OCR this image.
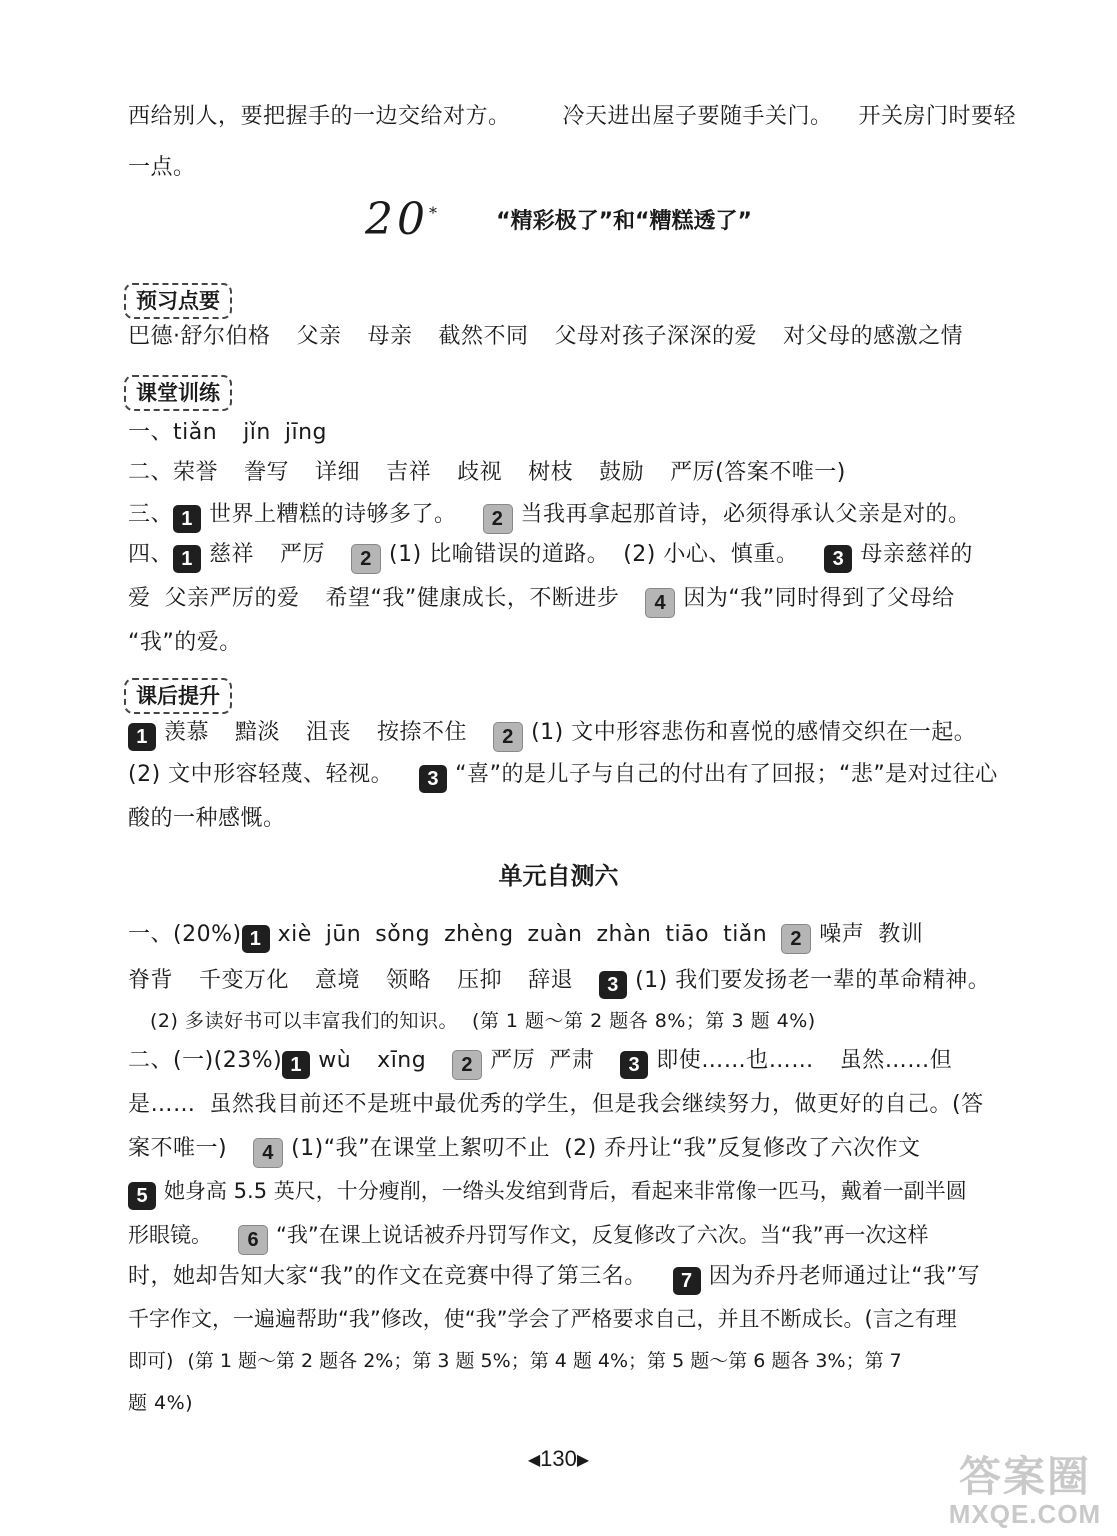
西给别人，要把握手的一边交给对方。 冷天进出屋子要随手关门。 开关房门时要轻
一点。
20*	“精彩极了”和“糟糕透了”
预习点要
巴德·舒尔伯格 父亲 母亲 截然不同 父母对孩子深深的爱 对父母的感激之情
课堂训练
一、tiǎn jǐn jīng
二、荣誉 誊写 详细 吉祥 歧视 树枝 鼓励 严厉(答案不唯一)
三、 1 世界上糟糕的诗够多了。 2 当我再拿起那首诗，必须得承认父亲是对的。
四、 1 慈祥 严厉 2 (1) 比喻错误的道路。 (2) 小心、慎重。 3 母亲慈祥的
爱 父亲严厉的爱 希望“我”健康成长，不断进步 4 因为“我”同时得到了父母给
“我”的爱。
课后提升
1 羡慕 黯淡 沮丧 按捺不住 2 (1) 文中形容悲伤和喜悦的感情交织在一起。
(2) 文中形容轻蔑、轻视。 3 “喜”的是儿子与自己的付出有了回报；“悲”是对过往心
酸的一种感慨。
单元自测六
一、(20%) 1 xiè jūn sǒng zhèng zuàn zhàn tiāo tiǎn 2 噪声 教训
脊背 千变万化 意境 领略 压抑 辞退 3 (1) 我们要发扬老一辈的革命精神。
(2) 多读好书可以丰富我们的知识。 (第 1 题～第 2 题各 8%；第 3 题 4%)
二、(一)(23%) 1 wù xīng 2 严厉 严肃 3 即使……也…… 虽然……但
是…… 虽然我目前还不是班中最优秀的学生，但是我会继续努力，做更好的自己。(答
案不唯一) 4 (1)“我”在课堂上絮叨不止 (2) 乔丹让“我”反复修改了六次作文
5 她身高 5.5 英尺，十分瘦削，一绺头发绾到背后，看起来非常像一匹马，戴着一副半圆
形眼镜。 6 “我”在课上说话被乔丹罚写作文，反复修改了六次。当“我”再一次这样
时，她却告知大家“我”的作文在竞赛中得了第三名。 7 因为乔丹老师通过让“我”写
千字作文，一遍遍帮助“我”修改，使“我”学会了严格要求自己，并且不断成长。(言之有理
即可) (第 1 题～第 2 题各 2%；第 3 题 5%；第 4 题 4%；第 5 题～第 6 题各 3%；第 7
题 4%)
◀130▶	答案圈
MXQE.COM
